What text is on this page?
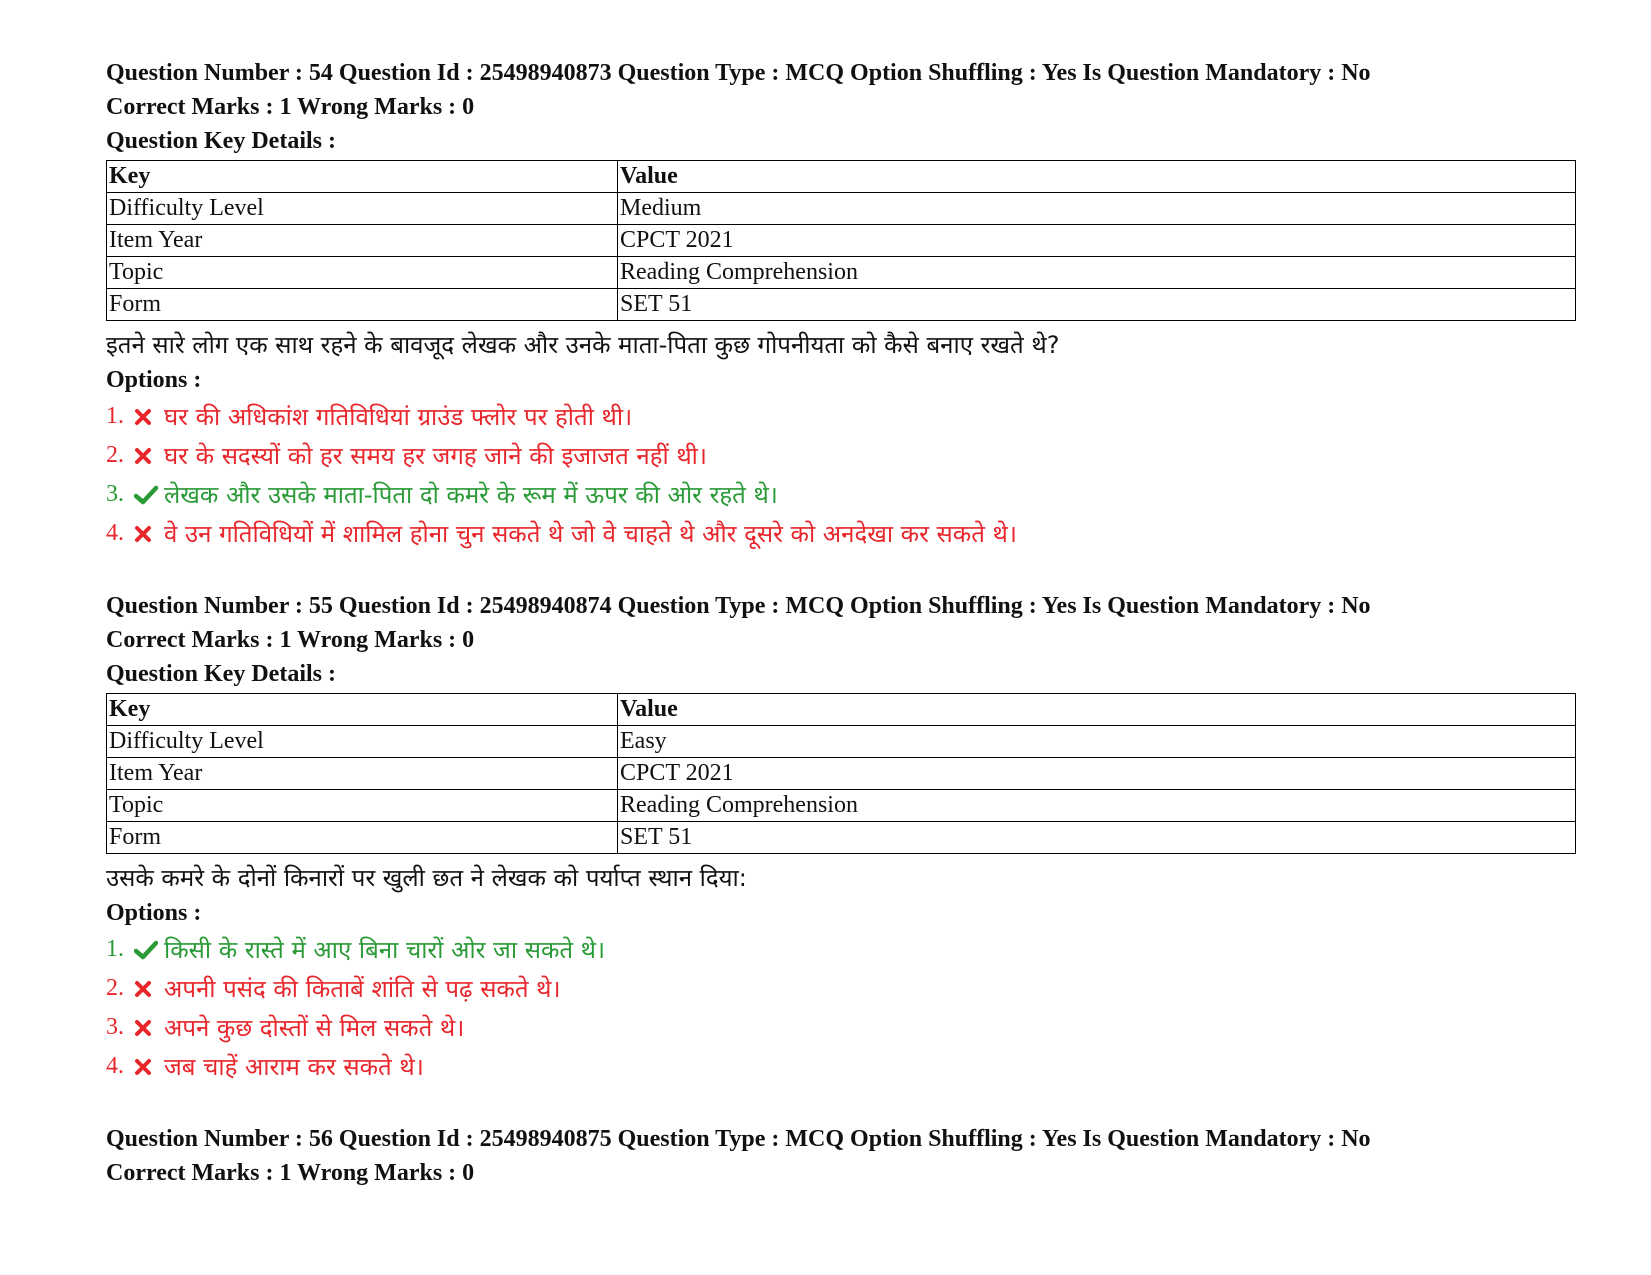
Question Number : 54 Question Id : 25498940873 Question Type : MCQ Option Shuffling : Yes Is Question Mandatory : No
Correct Marks : 1 Wrong Marks : 0
Question Key Details :
Key	Value
Difficulty Level	Medium
Item Year	CPCT 2021
Topic	Reading Comprehension
Form	SET 51
इतने सारे लोग एक साथ रहने के बावजूद लेखक और उनके माता-पिता कुछ गोपनीयता को कैसे बनाए रखते थे?
Options :
1.	घर की अधिकांश गतिविधियां ग्राउंड फ्लोर पर होती थी।
2.	घर के सदस्यों को हर समय हर जगह जाने की इजाजत नहीं थी।
3.	लेखक और उसके माता-पिता दो कमरे के रूम में ऊपर की ओर रहते थे।
4.	वे उन गतिविधियों में शामिल होना चुन सकते थे जो वे चाहते थे और दूसरे को अनदेखा कर सकते थे।
Question Number : 55 Question Id : 25498940874 Question Type : MCQ Option Shuffling : Yes Is Question Mandatory : No
Correct Marks : 1 Wrong Marks : 0
Question Key Details :
Key	Value
Difficulty Level	Easy
Item Year	CPCT 2021
Topic	Reading Comprehension
Form	SET 51
उसके कमरे के दोनों किनारों पर खुली छत ने लेखक को पर्याप्त स्थान दिया:
Options :
1.	किसी के रास्ते में आए बिना चारों ओर जा सकते थे।
2.	अपनी पसंद की किताबें शांति से पढ़ सकते थे।
3.	अपने कुछ दोस्तों से मिल सकते थे।
4.	जब चाहें आराम कर सकते थे।
Question Number : 56 Question Id : 25498940875 Question Type : MCQ Option Shuffling : Yes Is Question Mandatory : No
Correct Marks : 1 Wrong Marks : 0
